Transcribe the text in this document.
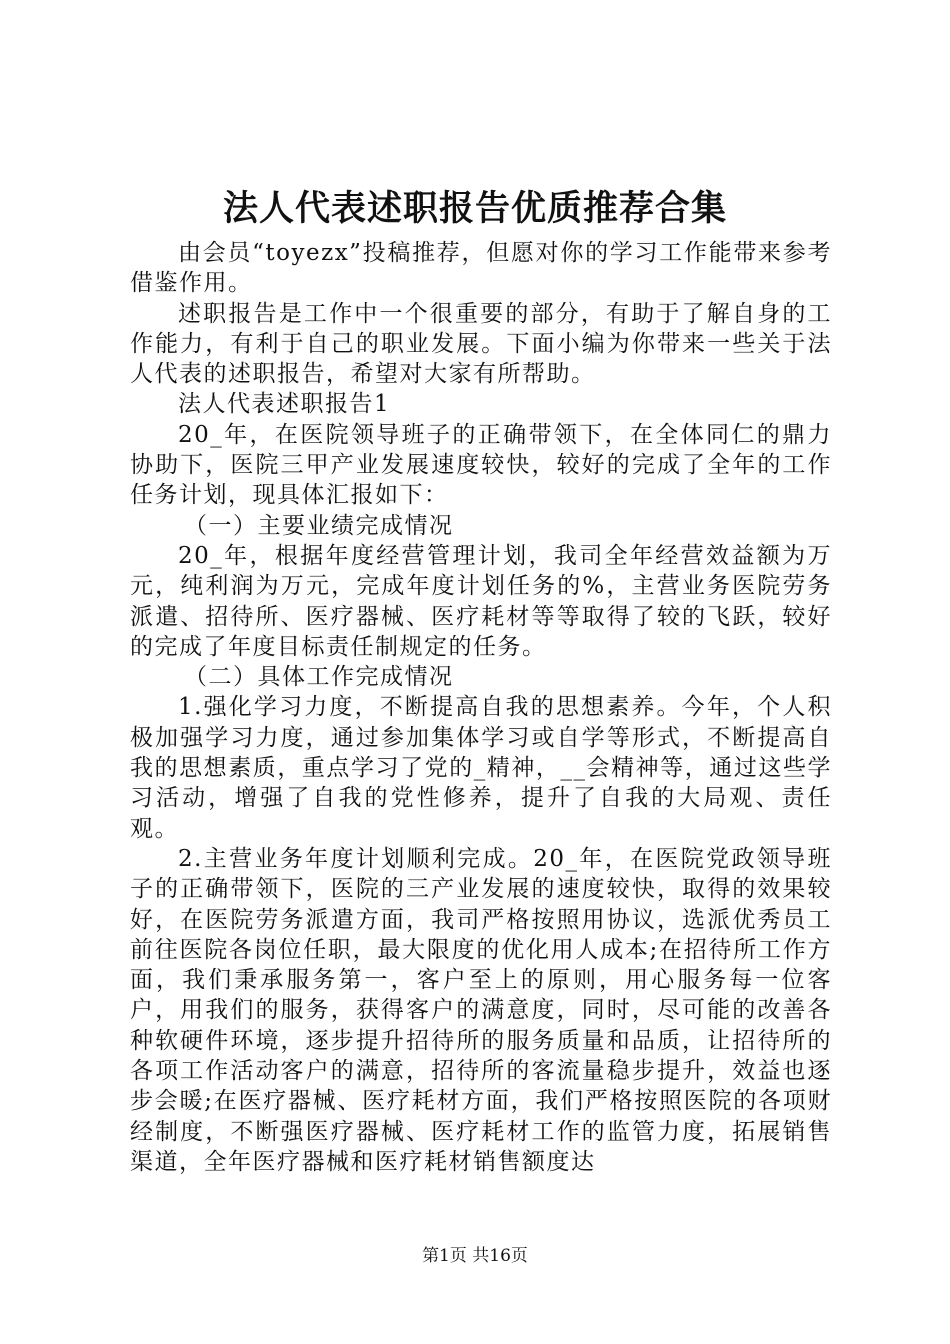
法人代表述职报告优质推荐合集

由会员“toyezx”投稿推荐，但愿对你的学习工作能带来参考借鉴作用。

述职报告是工作中一个很重要的部分，有助于了解自身的工作能力，有利于自己的职业发展。下面小编为你带来一些关于法人代表的述职报告，希望对大家有所帮助。

法人代表述职报告1

20_年，在医院领导班子的正确带领下，在全体同仁的鼎力协助下，医院三甲产业发展速度较快，较好的完成了全年的工作任务计划，现具体汇报如下：

（一）主要业绩完成情况

20_年，根据年度经营管理计划，我司全年经营效益额为万元，纯利润为万元，完成年度计划任务的%，主营业务医院劳务派遣、招待所、医疗器械、医疗耗材等等取得了较的飞跃，较好的完成了年度目标责任制规定的任务。

（二）具体工作完成情况

1.强化学习力度，不断提高自我的思想素养。今年，个人积极加强学习力度，通过参加集体学习或自学等形式，不断提高自我的思想素质，重点学习了党的_精神，__会精神等，通过这些学习活动，增强了自我的党性修养，提升了自我的大局观、责任观。

2.主营业务年度计划顺利完成。20_年，在医院党政领导班子的正确带领下，医院的三产业发展的速度较快，取得的效果较好，在医院劳务派遣方面，我司严格按照用协议，选派优秀员工前往医院各岗位任职，最大限度的优化用人成本;在招待所工作方面，我们秉承服务第一，客户至上的原则，用心服务每一位客户，用我们的服务，获得客户的满意度，同时，尽可能的改善各种软硬件环境，逐步提升招待所的服务质量和品质，让招待所的各项工作活动客户的满意，招待所的客流量稳步提升，效益也逐步会暖;在医疗器械、医疗耗材方面，我们严格按照医院的各项财经制度，不断强医疗器械、医疗耗材工作的监管力度，拓展销售渠道，全年医疗器械和医疗耗材销售额度达

第1页 共16页
